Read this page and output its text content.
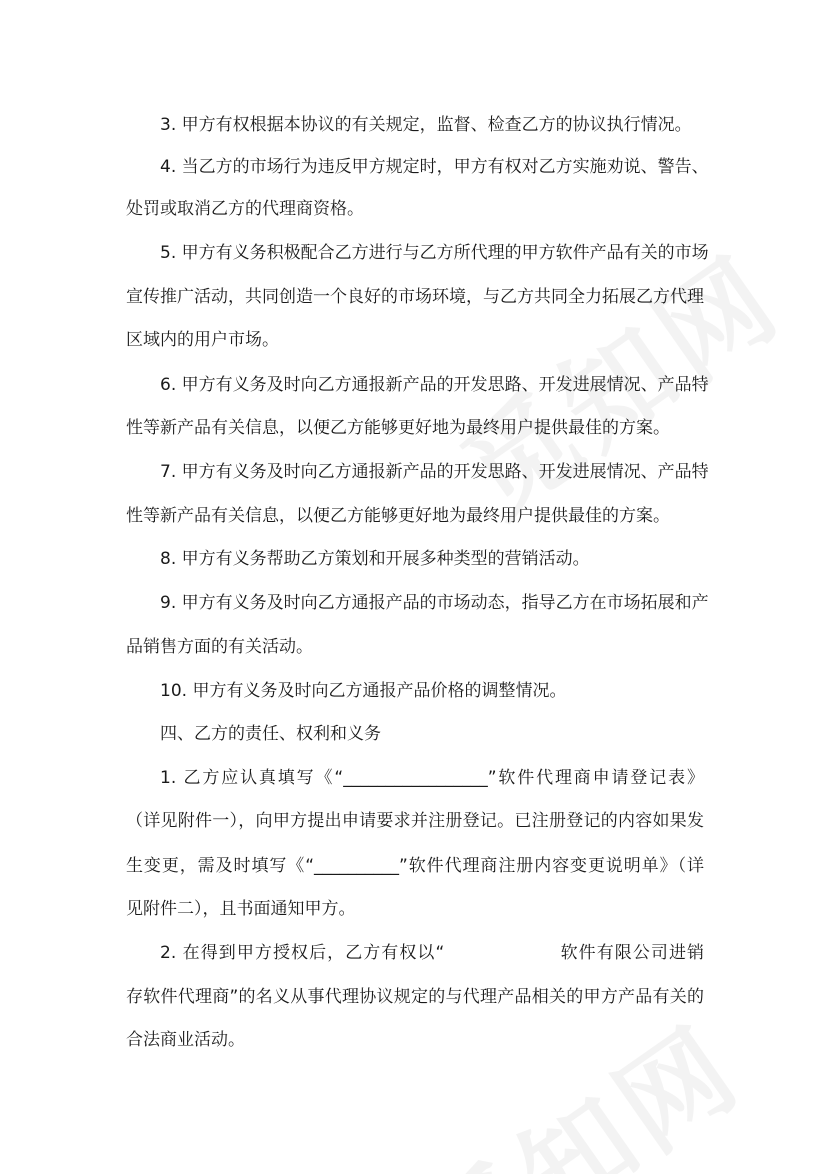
3. 甲方有权根据本协议的有关规定，监督、检查乙方的协议执行情况。
4. 当乙方的市场行为违反甲方规定时，甲方有权对乙方实施劝说、警告、
处罚或取消乙方的代理商资格。
5. 甲方有义务积极配合乙方进行与乙方所代理的甲方软件产品有关的市场
宣传推广活动，共同创造一个良好的市场环境，与乙方共同全力拓展乙方代理
区域内的用户市场。
6. 甲方有义务及时向乙方通报新产品的开发思路、开发进展情况、产品特
性等新产品有关信息，以便乙方能够更好地为最终用户提供最佳的方案。
7. 甲方有义务及时向乙方通报新产品的开发思路、开发进展情况、产品特
性等新产品有关信息，以便乙方能够更好地为最终用户提供最佳的方案。
8. 甲方有义务帮助乙方策划和开展多种类型的营销活动。
9. 甲方有义务及时向乙方通报产品的市场动态，指导乙方在市场拓展和产
品销售方面的有关活动。
10. 甲方有义务及时向乙方通报产品价格的调整情况。
四、乙方的责任、权利和义务
1. 乙方应认真填写《“_________________”软件代理商申请登记表》
（详见附件一），向甲方提出申请要求并注册登记。已注册登记的内容如果发
生变更，需及时填写《“__________”软件代理商注册内容变更说明单》（详
见附件二），且书面通知甲方。
2. 在得到甲方授权后，乙方有权以“                  软件有限公司进销
存软件代理商”的名义从事代理协议规定的与代理产品相关的甲方产品有关的
合法商业活动。
